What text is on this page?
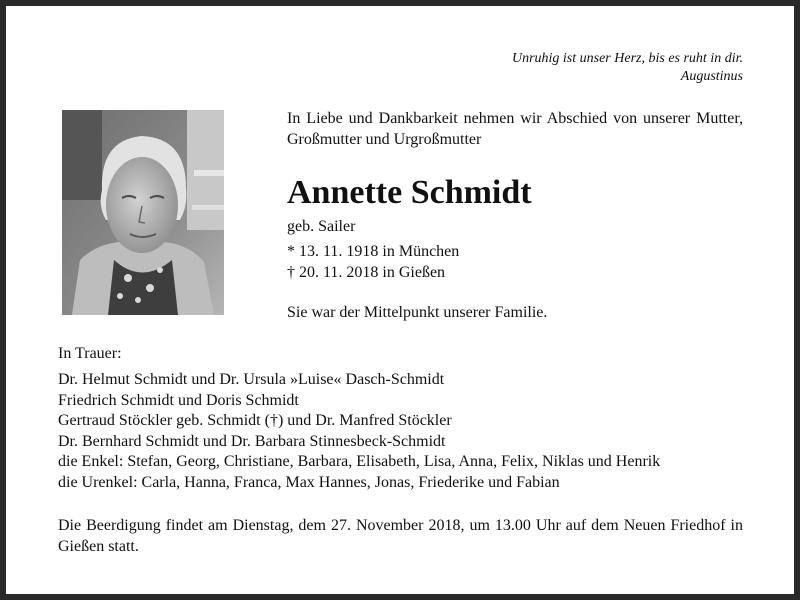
Unruhig ist unser Herz, bis es ruht in dir.
Augustinus
In Liebe und Dankbarkeit nehmen wir Abschied von unserer Mutter, Großmutter und Urgroßmutter
Annette Schmidt
geb. Sailer
* 13. 11. 1918 in München
† 20. 11. 2018 in Gießen
Sie war der Mittelpunkt unserer Familie.
In Trauer:
Dr. Helmut Schmidt und Dr. Ursula »Luise« Dasch-Schmidt
Friedrich Schmidt und Doris Schmidt
Gertraud Stöckler geb. Schmidt (†) und Dr. Manfred Stöckler
Dr. Bernhard Schmidt und Dr. Barbara Stinnesbeck-Schmidt
die Enkel: Stefan, Georg, Christiane, Barbara, Elisabeth, Lisa, Anna, Felix, Niklas und Henrik
die Urenkel: Carla, Hanna, Franca, Max Hannes, Jonas, Friederike und Fabian
Die Beerdigung findet am Dienstag, dem 27. November 2018, um 13.00 Uhr auf dem Neuen Friedhof in Gießen statt.
